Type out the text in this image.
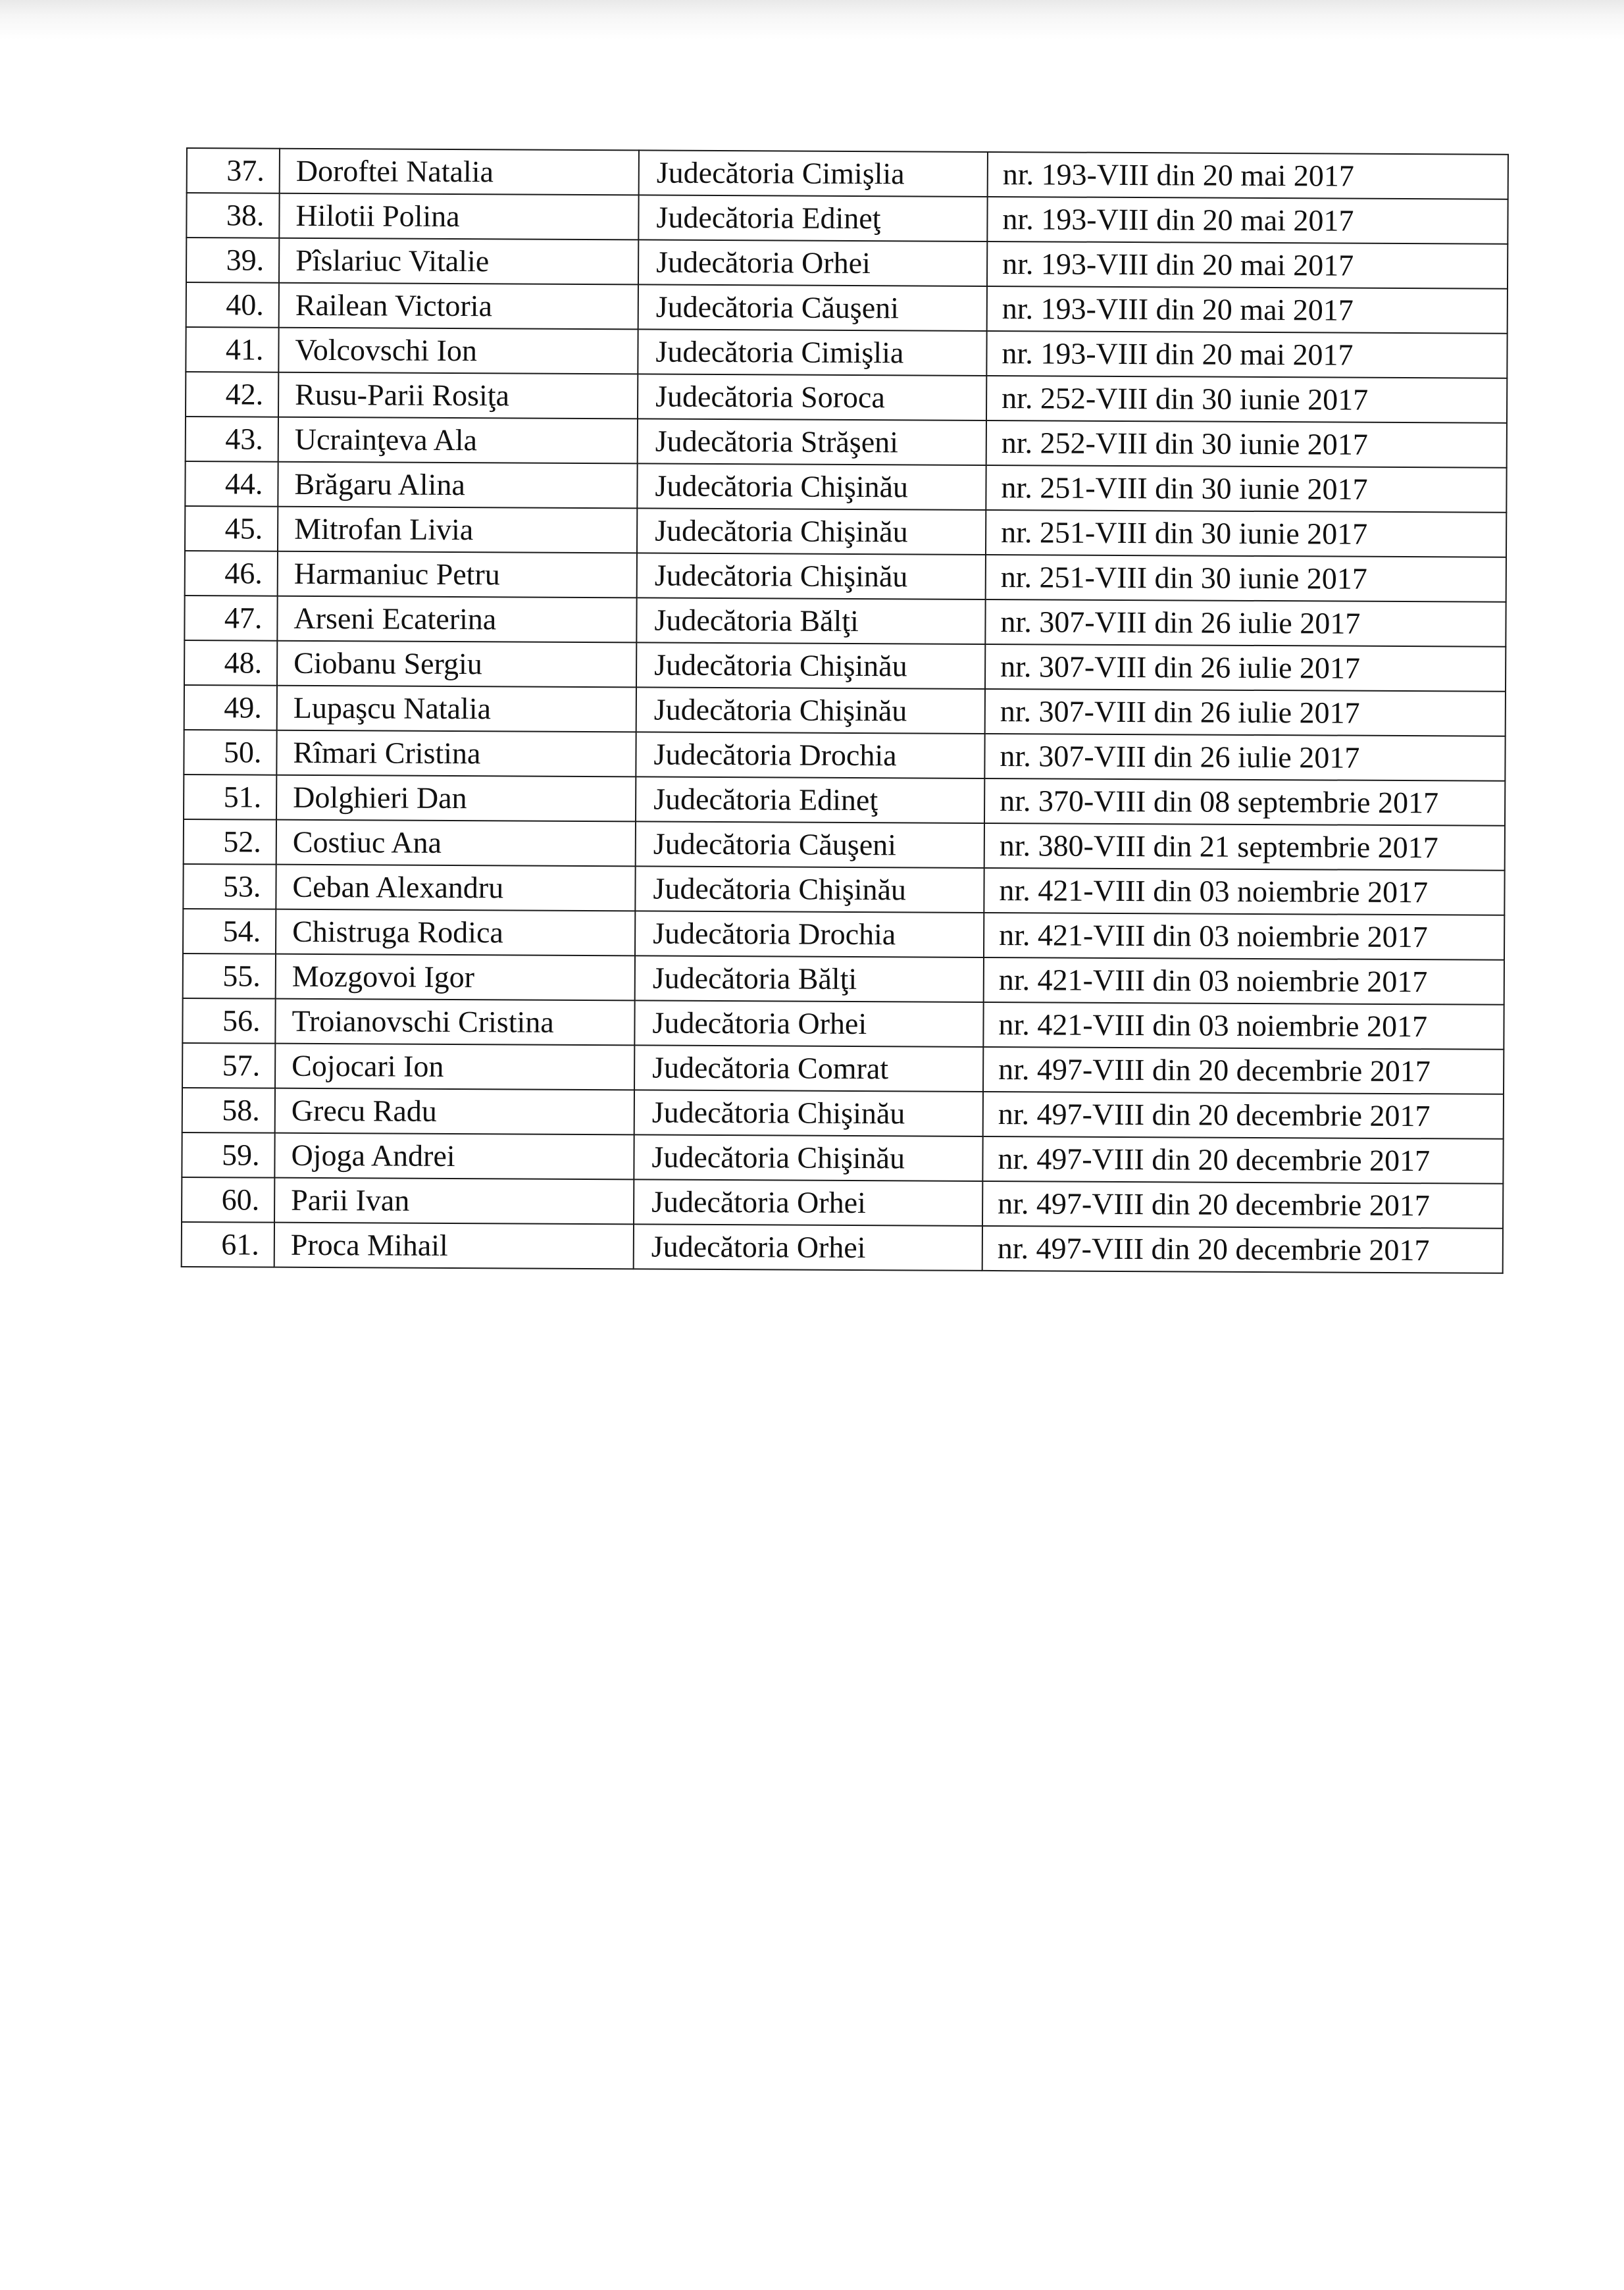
37.	Doroftei Natalia	Judecătoria Cimişlia	nr. 193-VIII din 20 mai 2017
38.	Hilotii Polina	Judecătoria Edineţ	nr. 193-VIII din 20 mai 2017
39.	Pîslariuc Vitalie	Judecătoria Orhei	nr. 193-VIII din 20 mai 2017
40.	Railean Victoria	Judecătoria Căuşeni	nr. 193-VIII din 20 mai 2017
41.	Volcovschi Ion	Judecătoria Cimişlia	nr. 193-VIII din 20 mai 2017
42.	Rusu-Parii Rosiţa	Judecătoria Soroca	nr. 252-VIII din 30 iunie 2017
43.	Ucrainţeva Ala	Judecătoria Străşeni	nr. 252-VIII din 30 iunie 2017
44.	Brăgaru Alina	Judecătoria Chişinău	nr. 251-VIII din 30 iunie 2017
45.	Mitrofan Livia	Judecătoria Chişinău	nr. 251-VIII din 30 iunie 2017
46.	Harmaniuc Petru	Judecătoria Chişinău	nr. 251-VIII din 30 iunie 2017
47.	Arseni Ecaterina	Judecătoria Bălţi	nr. 307-VIII din 26 iulie 2017
48.	Ciobanu Sergiu	Judecătoria Chişinău	nr. 307-VIII din 26 iulie 2017
49.	Lupaşcu Natalia	Judecătoria Chişinău	nr. 307-VIII din 26 iulie 2017
50.	Rîmari Cristina	Judecătoria Drochia	nr. 307-VIII din 26 iulie 2017
51.	Dolghieri Dan	Judecătoria Edineţ	nr. 370-VIII din 08 septembrie 2017
52.	Costiuc Ana	Judecătoria Căuşeni	nr. 380-VIII din 21 septembrie 2017
53.	Ceban Alexandru	Judecătoria Chişinău	nr. 421-VIII din 03 noiembrie 2017
54.	Chistruga Rodica	Judecătoria Drochia	nr. 421-VIII din 03 noiembrie 2017
55.	Mozgovoi Igor	Judecătoria Bălţi	nr. 421-VIII din 03 noiembrie 2017
56.	Troianovschi Cristina	Judecătoria Orhei	nr. 421-VIII din 03 noiembrie 2017
57.	Cojocari Ion	Judecătoria Comrat	nr. 497-VIII din 20 decembrie 2017
58.	Grecu Radu	Judecătoria Chişinău	nr. 497-VIII din 20 decembrie 2017
59.	Ojoga Andrei	Judecătoria Chişinău	nr. 497-VIII din 20 decembrie 2017
60.	Parii Ivan	Judecătoria Orhei	nr. 497-VIII din 20 decembrie 2017
61.	Proca Mihail	Judecătoria Orhei	nr. 497-VIII din 20 decembrie 2017
